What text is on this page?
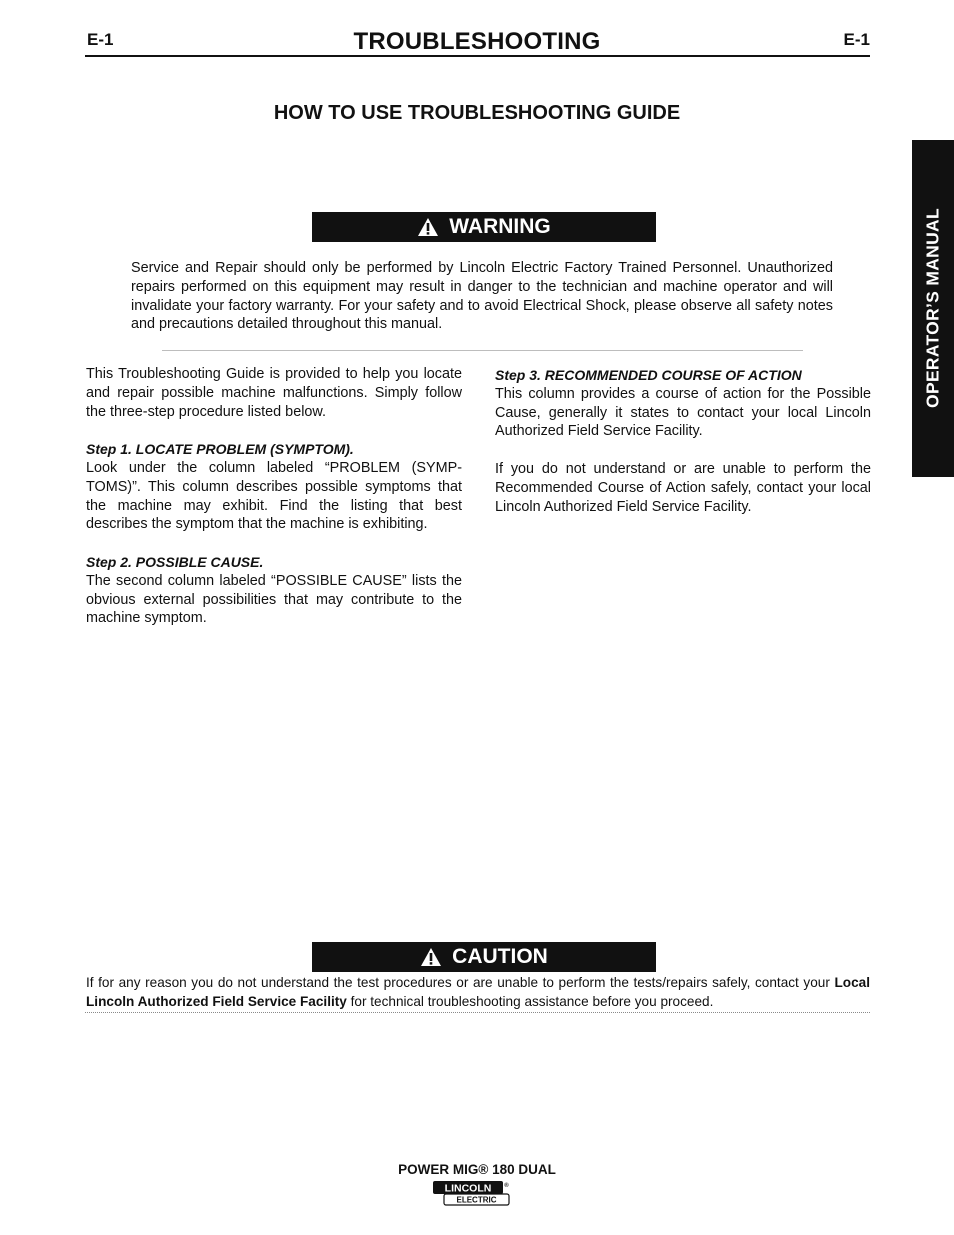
E-1	TROUBLESHOOTING	E-1
HOW TO USE TROUBLESHOOTING GUIDE
WARNING
Service and Repair should only be performed by Lincoln Electric Factory Trained Personnel. Unauthorized repairs performed on this equipment may result in danger to the technician and machine operator and will invalidate your factory warranty. For your safety and to avoid Electrical Shock, please observe all safety notes and precautions detailed throughout this manual.

This Troubleshooting Guide is provided to help you locate and repair possible machine malfunctions. Simply follow the three-step procedure listed below.

Step 1. LOCATE PROBLEM (SYMPTOM).

Look under the column labeled “PROBLEM (SYMP-TOMS)”. This column describes possible symptoms that the machine may exhibit. Find the listing that best describes the symptom that the machine is exhibiting.

Step 2. POSSIBLE CAUSE.

The second column labeled “POSSIBLE CAUSE” lists the obvious external possibilities that may contribute to the machine symptom.

Step 3. RECOMMENDED COURSE OF ACTION

This column provides a course of action for the Possible Cause, generally it states to contact your local Lincoln Authorized Field Service Facility.

If you do not understand or are unable to perform the Recommended Course of Action safely, contact your local Lincoln Authorized Field Service Facility.

OPERATOR’S MANUAL
CAUTION
If for any reason you do not understand the test procedures or are unable to perform the tests/repairs safely, contact your Local Lincoln Authorized Field Service Facility for technical troubleshooting assistance before you proceed.
POWER MIG® 180 DUAL
LINCOLN ®
ELECTRIC
